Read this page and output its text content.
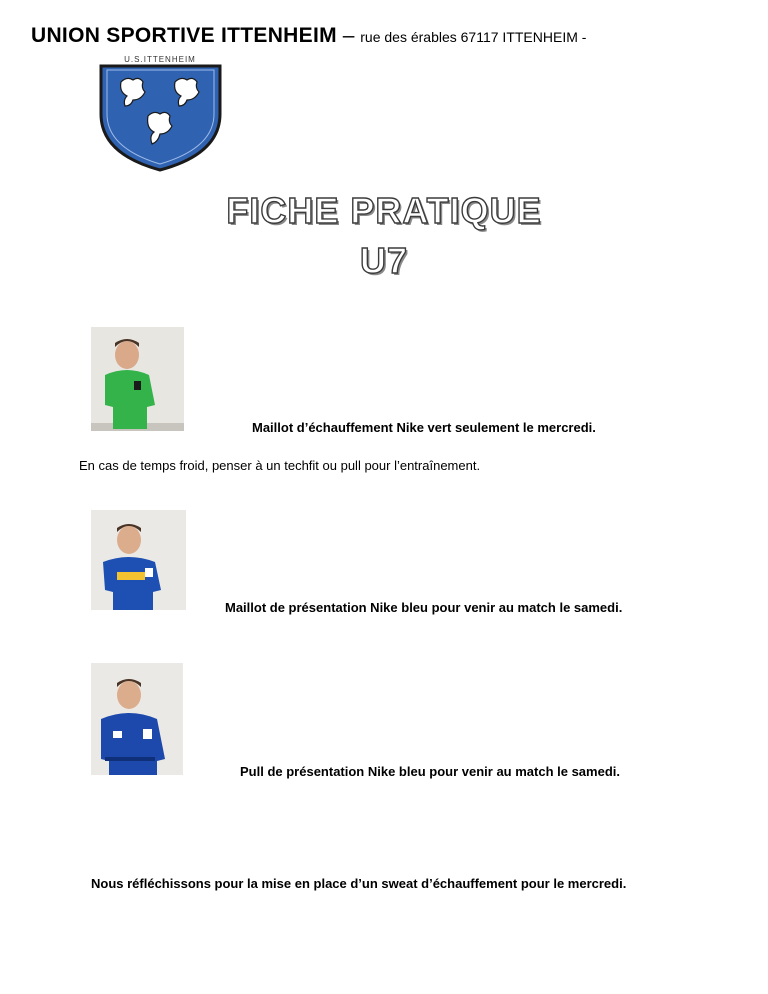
UNION SPORTIVE ITTENHEIM – rue des érables 67117 ITTENHEIM -
U.S.ITTENHEIM
FICHE PRATIQUE
U7
Maillot d’échauffement Nike vert seulement le mercredi.
En cas de temps froid, penser à un techfit ou pull pour l’entraînement.
Maillot de présentation Nike bleu pour venir au match le samedi.
Pull de présentation Nike bleu pour venir au match le samedi.
Nous réfléchissons pour la mise en place d’un sweat d’échauffement pour le mercredi.
